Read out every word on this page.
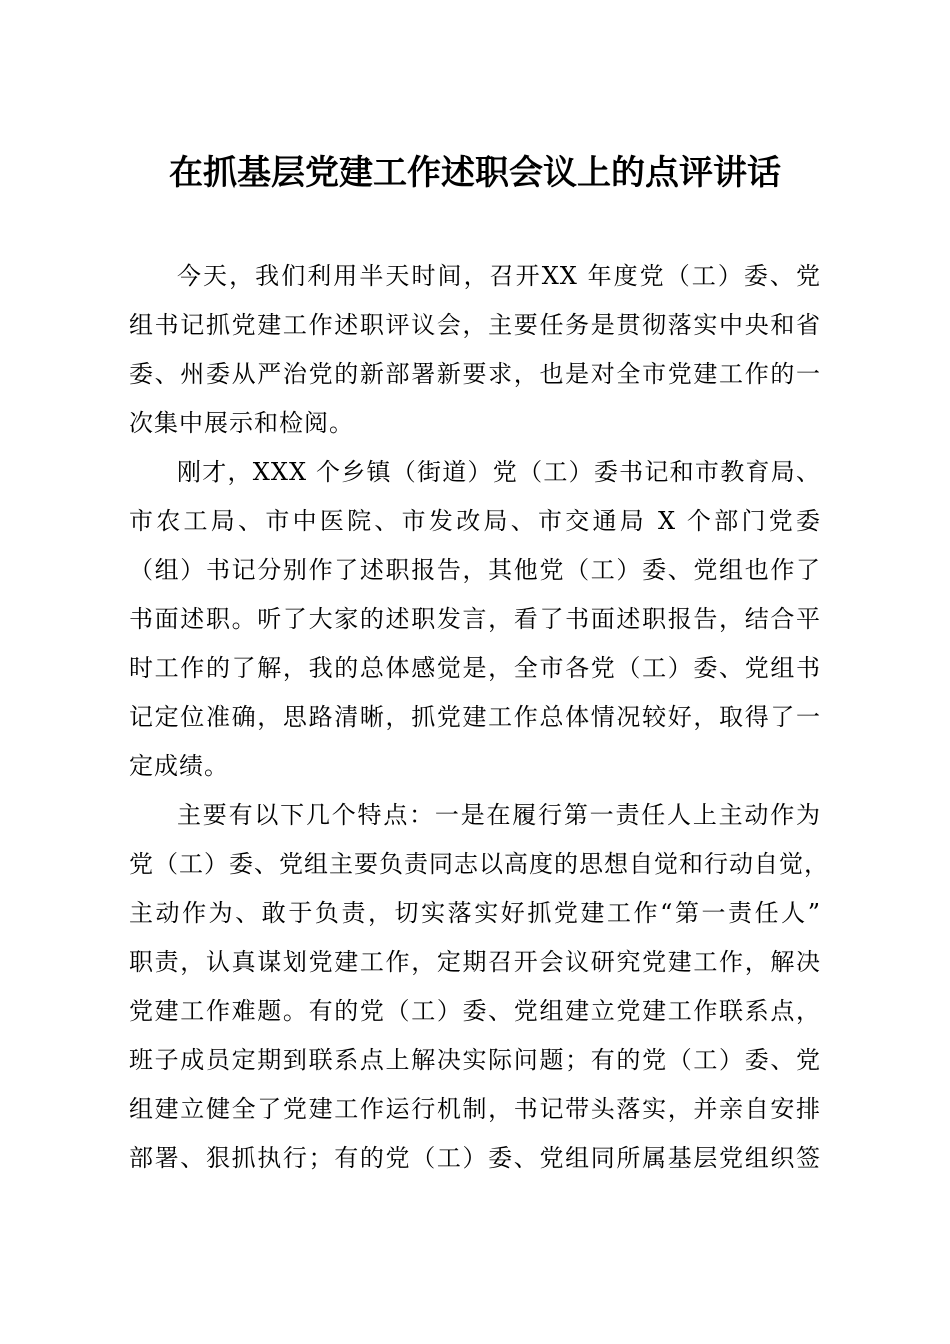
在抓基层党建工作述职会议上的点评讲话
今天，我们利用半天时间，召开XX 年度党（工）委、党
组书记抓党建工作述职评议会，主要任务是贯彻落实中央和省
委、州委从严治党的新部署新要求，也是对全市党建工作的一
次集中展示和检阅。
刚才，XXX 个乡镇（街道）党（工）委书记和市教育局、
市农工局、市中医院、市发改局、市交通局 X 个部门党委
（组）书记分别作了述职报告，其他党（工）委、党组也作了
书面述职。听了大家的述职发言，看了书面述职报告，结合平
时工作的了解，我的总体感觉是，全市各党（工）委、党组书
记定位准确，思路清晰，抓党建工作总体情况较好，取得了一
定成绩。
主要有以下几个特点：一是在履行第一责任人上主动作为
党（工）委、党组主要负责同志以高度的思想自觉和行动自觉，
主动作为、敢于负责，切实落实好抓党建工作“第一责任人”
职责，认真谋划党建工作，定期召开会议研究党建工作，解决
党建工作难题。有的党（工）委、党组建立党建工作联系点，
班子成员定期到联系点上解决实际问题；有的党（工）委、党
组建立健全了党建工作运行机制，书记带头落实，并亲自安排
部署、狠抓执行；有的党（工）委、党组同所属基层党组织签
